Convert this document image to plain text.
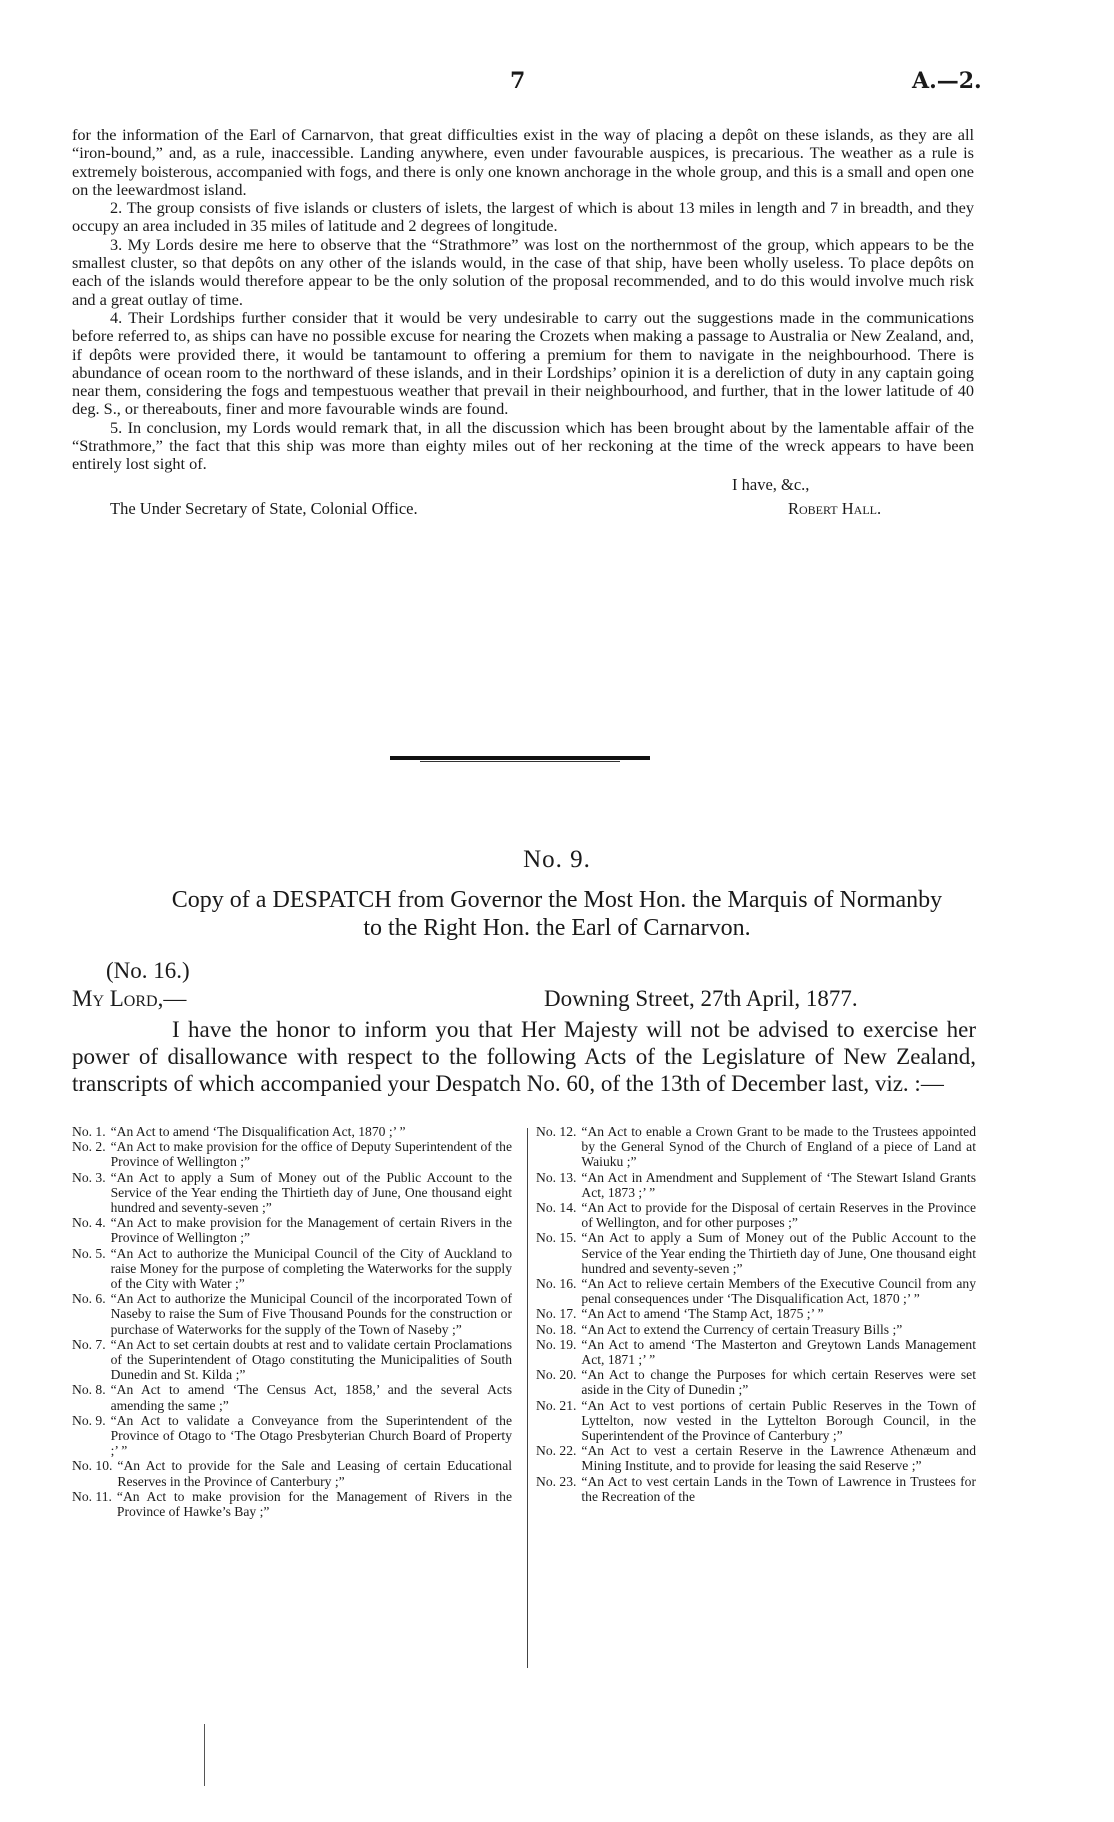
7	A.—2.

for the information of the Earl of Carnarvon, that great difficulties exist in the way of placing a depôt on these islands, as they are all “iron-bound,” and, as a rule, inaccessible. Landing anywhere, even under favourable auspices, is precarious. The weather as a rule is extremely boisterous, accompanied with fogs, and there is only one known anchorage in the whole group, and this is a small and open one on the leewardmost island.

2. The group consists of five islands or clusters of islets, the largest of which is about 13 miles in length and 7 in breadth, and they occupy an area included in 35 miles of latitude and 2 degrees of longitude.

3. My Lords desire me here to observe that the “Strathmore” was lost on the northernmost of the group, which appears to be the smallest cluster, so that depôts on any other of the islands would, in the case of that ship, have been wholly useless. To place depôts on each of the islands would therefore appear to be the only solution of the proposal recommended, and to do this would involve much risk and a great outlay of time.

4. Their Lordships further consider that it would be very undesirable to carry out the suggestions made in the communications before referred to, as ships can have no possible excuse for nearing the Crozets when making a passage to Australia or New Zealand, and, if depôts were provided there, it would be tantamount to offering a premium for them to navigate in the neighbourhood. There is abundance of ocean room to the northward of these islands, and in their Lordships’ opinion it is a dereliction of duty in any captain going near them, considering the fogs and tempestuous weather that prevail in their neighbourhood, and further, that in the lower latitude of 40 deg. S., or thereabouts, finer and more favourable winds are found.

5. In conclusion, my Lords would remark that, in all the discussion which has been brought about by the lamentable affair of the “Strathmore,” the fact that this ship was more than eighty miles out of her reckoning at the time of the wreck appears to have been entirely lost sight of.

I have, &c.,
The Under Secretary of State, Colonial Office.	Robert Hall.
No. 9.
Copy of a DESPATCH from Governor the Most Hon. the Marquis of Normanby
to the Right Hon. the Earl of Carnarvon.
(No. 16.)
My Lord,—	Downing Street, 27th April, 1877.
I have the honor to inform you that Her Majesty will not be advised to exercise her power of disallowance with respect to the following Acts of the Legislature of New Zealand, transcripts of which accompanied your Despatch No. 60, of the 13th of December last, viz. :—
No. 1. “An Act to amend ‘The Disqualification Act, 1870 ;’ ”
No. 2. “An Act to make provision for the office of Deputy Superintendent of the Province of Wellington ;”
No. 3. “An Act to apply a Sum of Money out of the Public Account to the Service of the Year ending the Thirtieth day of June, One thousand eight hundred and seventy-seven ;”
No. 4. “An Act to make provision for the Management of certain Rivers in the Province of Wellington ;”
No. 5. “An Act to authorize the Municipal Council of the City of Auckland to raise Money for the purpose of completing the Waterworks for the supply of the City with Water ;”
No. 6. “An Act to authorize the Municipal Council of the incorporated Town of Naseby to raise the Sum of Five Thousand Pounds for the construction or purchase of Waterworks for the supply of the Town of Naseby ;”
No. 7. “An Act to set certain doubts at rest and to validate certain Proclamations of the Superintendent of Otago constituting the Municipalities of South Dunedin and St. Kilda ;”
No. 8. “An Act to amend ‘The Census Act, 1858,’ and the several Acts amending the same ;”
No. 9. “An Act to validate a Conveyance from the Superintendent of the Province of Otago to ‘The Otago Presbyterian Church Board of Property ;’ ”
No. 10. “An Act to provide for the Sale and Leasing of certain Educational Reserves in the Province of Canterbury ;”
No. 11. “An Act to make provision for the Management of Rivers in the Province of Hawke’s Bay ;”
No. 12. “An Act to enable a Crown Grant to be made to the Trustees appointed by the General Synod of the Church of England of a piece of Land at Waiuku ;”
No. 13. “An Act in Amendment and Supplement of ‘The Stewart Island Grants Act, 1873 ;’ ”
No. 14. “An Act to provide for the Disposal of certain Reserves in the Province of Wellington, and for other purposes ;”
No. 15. “An Act to apply a Sum of Money out of the Public Account to the Service of the Year ending the Thirtieth day of June, One thousand eight hundred and seventy-seven ;”
No. 16. “An Act to relieve certain Members of the Executive Council from any penal consequences under ‘The Disqualification Act, 1870 ;’ ”
No. 17. “An Act to amend ‘The Stamp Act, 1875 ;’ ”
No. 18. “An Act to extend the Currency of certain Treasury Bills ;”
No. 19. “An Act to amend ‘The Masterton and Greytown Lands Management Act, 1871 ;’ ”
No. 20. “An Act to change the Purposes for which certain Reserves were set aside in the City of Dunedin ;”
No. 21. “An Act to vest portions of certain Public Reserves in the Town of Lyttelton, now vested in the Lyttelton Borough Council, in the Superintendent of the Province of Canterbury ;”
No. 22. “An Act to vest a certain Reserve in the Lawrence Athenæum and Mining Institute, and to provide for leasing the said Reserve ;”
No. 23. “An Act to vest certain Lands in the Town of Lawrence in Trustees for the Recreation of the
